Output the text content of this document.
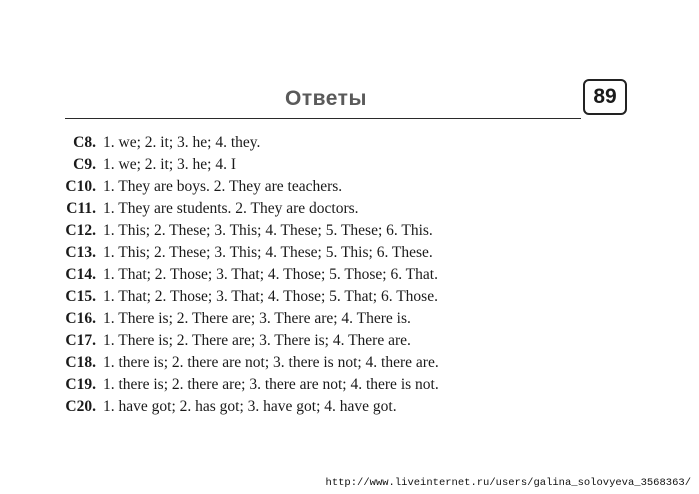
Ответы	89
C8. 1. we; 2. it; 3. he; 4. they.
C9. 1. we; 2. it; 3. he; 4. I
C10. 1. They are boys. 2. They are teachers.
C11. 1. They are students. 2. They are doctors.
C12. 1. This; 2. These; 3. This; 4. These; 5. These; 6. This.
C13. 1. This; 2. These; 3. This; 4. These; 5. This; 6. These.
C14. 1. That; 2. Those; 3. That; 4. Those; 5. Those; 6. That.
C15. 1. That; 2. Those; 3. That; 4. Those; 5. That; 6. Those.
C16. 1. There is; 2. There are; 3. There are; 4. There is.
C17. 1. There is; 2. There are; 3. There is; 4. There are.
C18. 1. there is; 2. there are not; 3. there is not; 4. there are.
C19. 1. there is; 2. there are; 3. there are not; 4. there is not.
C20. 1. have got; 2. has got; 3. have got; 4. have got.
http://www.liveinternet.ru/users/galina_solovyeva_3568363/
